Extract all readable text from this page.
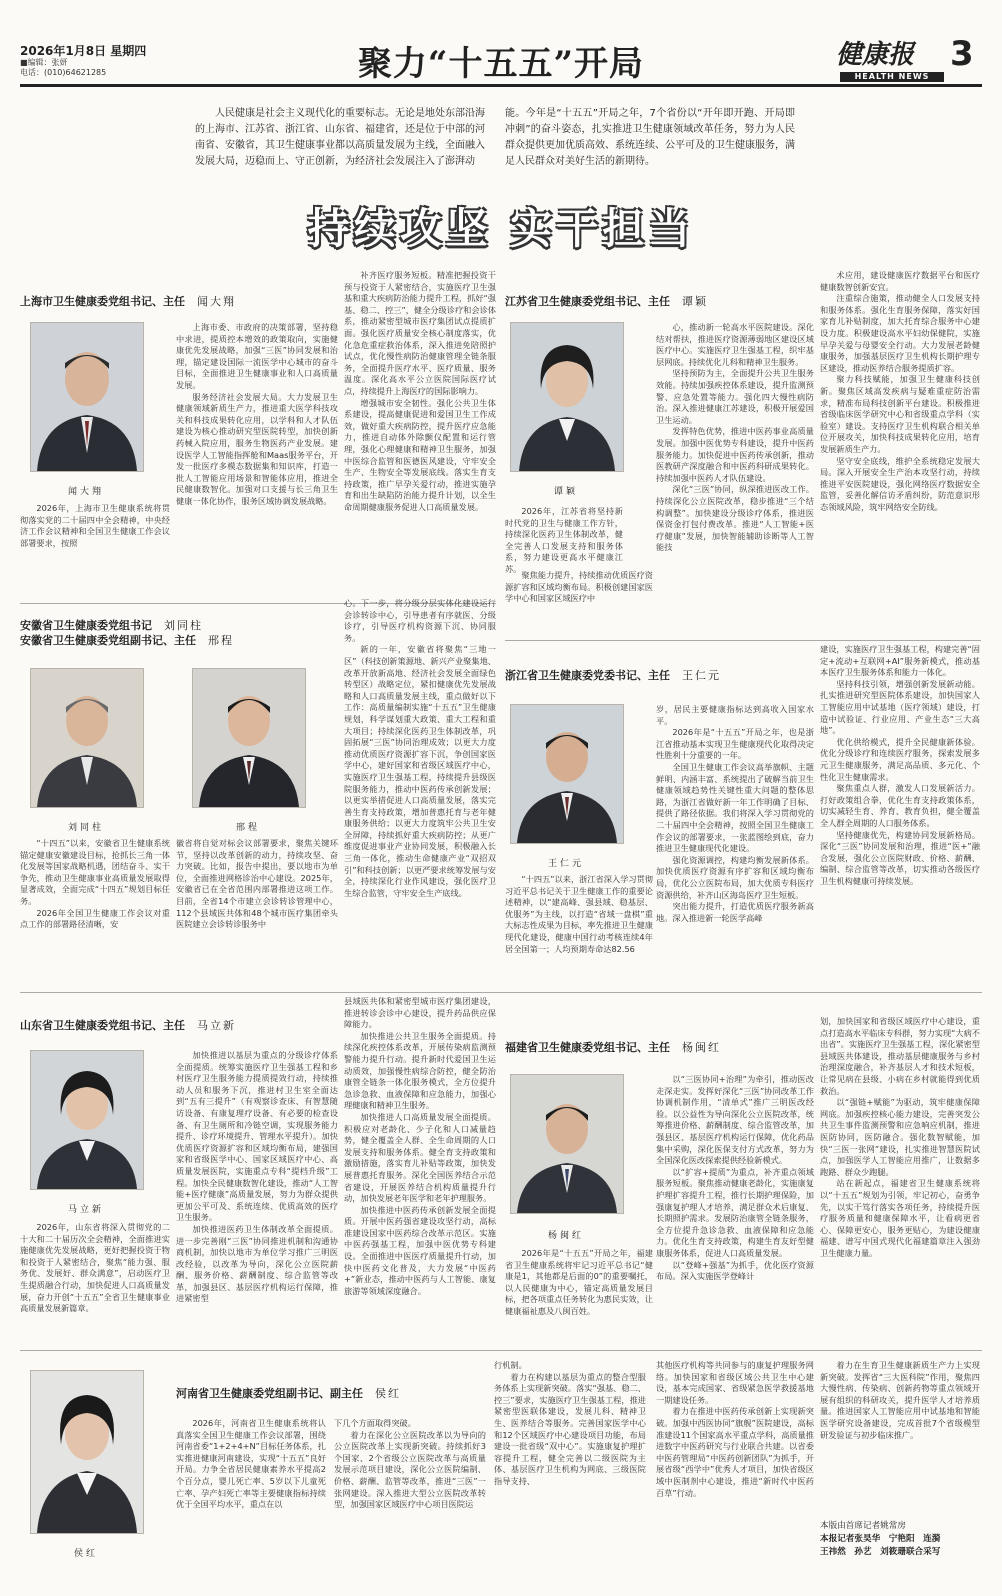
2026年1月8日 星期四
■编辑：张妍
电话：(010)64621285	聚力“十五五”开局	健康报
HEALTH NEWS
3
人民健康是社会主义现代化的重要标志。无论是地处东部沿海的上海市、江苏省、浙江省、山东省、福建省，还是位于中部的河南省、安徽省，其卫生健康事业都以高质量发展为主线，全面融入发展大局，迈稳而上、守正创新，为经济社会发展注入了澎湃动
能。今年是“十五五”开局之年，7个省份以“开年即开跑、开局即冲刺”的奋斗姿态，扎实推进卫生健康领域改革任务，努力为人民群众提供更加优质高效、系统连续、公平可及的卫生健康服务，满足人民群众对美好生活的新期待。
持续攻坚 实干担当
上海市卫生健康委党组书记、主任 闻大翔
闻大翔

2026年，上海市卫生健康系统将贯彻落实党的二十届四中全会精神，中央经济工作会议精神和全国卫生健康工作会议部署要求，按照

上海市委、市政府的决策部署，坚持稳中求进，提质控本增效的政策取向，实施健康优先发展战略，加强“三医”协同发展和治理，锚定建设国际一流医学中心城市的奋斗目标，全面推进卫生健康事业和人口高质量发展。

服务经济社会发展大局。大力发展卫生健康领域新质生产力，推进重大医学科技攻关和科技成果转化应用，以学科和人才队伍建设为核心推动研究型医院转型，加快创新药械入院应用，服务生物医药产业发展。建设医学人工智能指挥舱和Maas服务平台，开发一批医疗多模态数据集和知识库，打造一批人工智能应用场景和智能体应用，推进全民健康数智化。加强对口支援与长三角卫生健康一体化协作，服务区域协调发展战略。

补齐医疗服务短板。精准把握投资干预与投资于人紧密结合，实施医疗卫生强基和重大疾病防治能力提升工程，抓好“强基、稳二、控三”，健全分级诊疗和会诊体系，推动紧密型城市医疗集团试点提质扩面。强化医疗质量安全核心制度落实，优化急危重症救治体系，深入推进免陪照护试点，优化慢性病防治健康管理全链条服务，全面提升医疗水平、医疗质量、服务温度。深化高水平公立医院国际医疗试点，持续提升上海医疗的国际影响力。

增强城市安全韧性。强化公共卫生体系建设，提高健康促进和爱国卫生工作成效，做好重大疾病防控，提升医疗应急能力，推进自动体外除颤仪配置和运行管理，强化心理健康和精神卫生服务，加强中医综合监管和医德医风建设，守牢安全生产、生物安全等发展底线。落实生育支持政策，推广早孕关爱行动，推进实施孕育和出生缺陷防治能力提升计划，以全生命周期健康服务促进人口高质量发展。

江苏省卫生健康委党组书记、主任 谭颖
谭颖

2026年，江苏省将坚持新时代党的卫生与健康工作方针，持续深化医药卫生体制改革，健全完善人口发展支持和服务体系，努力建设更高水平健康江苏。

聚焦能力提升，持续推动优质医疗资源扩容和区域均衡布局。积极创建国家医学中心和国家区域医疗中

心，推动新一轮高水平医院建设。深化结对帮扶，推进医疗资源薄弱地区建设区域医疗中心。实施医疗卫生强基工程，织牢基层网底。持续优化儿科和精神卫生服务。

坚持预防为主，全面提升公共卫生服务效能。持续加强疾控体系建设，提升监测预警、应急处置等能力。强化四大慢性病防治。深入推进健康江苏建设，积极开展爱国卫生运动。

发挥特色优势，推进中医药事业高质量发展。加强中医优势专科建设，提升中医药服务能力。加快促进中医药传承创新，推动医教研产深度融合和中医药科研成果转化。持续加强中医药人才队伍建设。

深化“三医”协同，纵深推进医改工作。持续深化公立医院改革，稳步推进“三个结构调整”。加快建设分级诊疗体系，推进医保资金打包付费改革。推进“人工智能+医疗健康”发展，加快智能辅助诊断等人工智能技

术应用，建设健康医疗数据平台和医疗健康数智创新安宜。

注重综合施策，推动健全人口发展支持和服务体系。强化生育服务保障，落实好国家育儿补贴制度，加大托育综合服务中心建设力度。积极建设高水平妇幼保健院，实施早孕关爱与母婴安全行动。大力发展老龄健康服务，加强基层医疗卫生机构长期护理专区建设，推动医养结合服务提质扩容。

聚力科技赋能，加强卫生健康科技创新。聚焦区域高发疾病与疑难重症防治需求，精准布局科技创新平台建设。积极推进省级临床医学研究中心和省级重点学科（实验室）建设。支持医疗卫生机构联合相关单位开展攻关，加快科技成果转化应用，培育发展新质生产力。

坚守安全底线，维护全系统稳定发展大局。深入开展安全生产治本攻坚行动，持续推进平安医院建设，强化网络医疗数据安全监管，妥善化解信访矛盾纠纷，防范意识形态领域风险，筑牢网络安全防线。

安徽省卫生健康委党组书记 刘同柱
安徽省卫生健康委党组副书记、主任 邢程
刘同柱	邢程

“十四五”以来，安徽省卫生健康系统锚定健康安徽建设目标，抢抓长三角一体化发展等国家战略机遇，团结奋斗、实干争先，推动卫生健康事业高质量发展取得显著成效，全面完成“十四五”规划目标任务。

2026年全国卫生健康工作会议对重点工作的部署路径清晰，安

徽省将自觉对标会议部署要求，聚焦关键环节，坚持以改革创新的动力，持续攻坚、奋力突破。比如，报告中提出，要以地市为单位，全面推进网格诊治中心建设。2025年，安徽省已在全省范围内部署推进这项工作。目前，全省14个市建立会诊转诊管理中心，112个县域医共体和48个城市医疗集团牵头医院建立会诊转诊服务中

心。下一步，将分级分层实体化建设运行会诊转诊中心，引导患者有序就医、分级诊疗，引导医疗机构资源下沉、协同服务。

新的一年，安徽省将聚焦“三地一区”（科技创新策源地、新兴产业聚集地、改革开放新高地、经济社会发展全面绿色转型区）战略定位，紧扣健康优先发展战略和人口高质量发展主线，重点做好以下工作：高质量编制实施“十五五”卫生健康规划，科学谋划重大政策、重大工程和重大项目；持续深化医药卫生体制改革，巩固拓展“三医”协同治理成效；以更大力度推动优质医疗资源扩容下沉，争创国家医学中心，建好国家和省级区域医疗中心，实施医疗卫生强基工程，持续提升县级医院服务能力，推动中医药传承创新发展；以更实举措促进人口高质量发展，落实完善生育支持政策，增加普惠托育与老年健康服务供给；以更大力度筑牢公共卫生安全屏障，持续抓好重大疾病防控；从更广维度促进事业产业协同发展，积极融入长三角一体化，推动生命健康产业“双招双引”和科技创新；以更严要求统筹发展与安全，持续深化行业作风建设，强化医疗卫生综合监管，守牢安全生产底线。

浙江省卫生健康委党委书记、主任 王仁元
王仁元

“十四五”以来，浙江省深入学习贯彻习近平总书记关于卫生健康工作的重要论述精神，以“建高峰、强县域、稳基层、优服务”为主线，以打造“省域一盘棋”重大标志性成果为目标，率先推进卫生健康现代化建设，健康中国行动考核连续4年居全国第一；人均预期寿命达82.56

岁，居民主要健康指标达到高收入国家水平。

2026年是“十五五”开局之年，也是浙江省推动基本实现卫生健康现代化取得决定性胜利十分重要的一年。

全国卫生健康工作会议高举旗帜、主题鲜明、内涵丰富、系统提出了破解当前卫生健康领域趋势性关键性重大问题的整体思路，为浙江省做好新一年工作明确了目标、提供了路径依据。我们将深入学习贯彻党的二十届四中全会精神，按照全国卫生健康工作会议的部署要求，一张蓝图绘到底，奋力推进卫生健康现代化建设。

强化资源调控，构建均衡发展新体系。加快优质医疗资源有序扩容和区域均衡布局，优化公立医院布局，加大优质专科医疗资源供给，补齐山区海岛医疗卫生短板。

突出能力提升，打造优质医疗服务新高地。深入推进新一轮医学高峰

建设，实施医疗卫生强基工程，构建完善“固定+流动+互联网+AI”服务新模式，推动基本医疗卫生服务体系和能力一体化。

坚持科技引领，增强创新发展新动能。扎实推进研究型医院体系建设，加快国家人工智能应用中试基地（医疗领域）建设，打造中试验证、行业应用、产业生态“三大高地”。

优化供给模式，提升全民健康新体验。优化分级诊疗和连续医疗服务，探索发展多元卫生健康服务，满足高品质、多元化、个性化卫生健康需求。

聚焦重点人群，激发人口发展新活力。打好政策组合拳，优化生育支持政策体系，切实减轻生育、养育、教育负担，健全覆盖全人群全周期的人口服务体系。

坚持健康优先，构建协同发展新格局。深化“三医”协同发展和治理，推进“医+”融合发展，强化公立医院财政、价格、薪酬、编制、综合监管等改革，切实推动各级医疗卫生机构健康可持续发展。

山东省卫生健康委党组书记、主任 马立新
马立新

2026年，山东省将深入贯彻党的二十大和二十届历次全会精神，全面推进实施健康优先发展战略，更好把握投资于物和投资于人紧密结合，聚焦“能力强、服务优、发展好、群众满意”，启动医疗卫生提质融合行动，加快促进人口高质量发展，奋力开创“十五五”全省卫生健康事业高质量发展新篇章。

加快推进以基层为重点的分级诊疗体系全面提质。统筹实施医疗卫生强基工程和乡村医疗卫生服务能力提质提效行动，持续推动人员和服务下沉，推进村卫生室全面达到“五有三提升”（有观察诊查床、有智慧随访设备、有康复理疗设备、有必要的检查设备、有卫生厕所和冷链空调，实现服务能力提升、诊疗环境提升、管理水平提升）。加快优质医疗资源扩容和区域均衡布局，建强国家和省级医学中心、国家区域医疗中心、高质量发展医院，实施重点专科“提档升级”工程。加快全民健康数智化建设，推动“人工智能+医疗健康”高质量发展，努力为群众提供更加公平可及、系统连续、优质高效的医疗卫生服务。

加快推进医药卫生体制改革全面提质。进一步完善刚“三医”协同推进机制和沟通协商机制，加快以地市为单位学习推广三明医改经验，以改革为导向，深化公立医院薪酬、服务价格、薪酬制度、综合监管等改革，加强县区、基层医疗机构运行保障，推进紧密型

县域医共体和紧密型城市医疗集团建设，推进转诊会诊中心建设，提升药品供应保障能力。

加快推进公共卫生服务全面提质。持续深化疾控体系改革，开展传染病监测预警能力提升行动。提升新时代爱国卫生运动质效，加强慢性病综合防控，健全防治康管全链条一体化服务模式，全方位提升急诊急救、血液保障和应急能力，加强心理健康和精神卫生服务。

加快推进人口高质量发展全面提质。积极应对老龄化、少子化和人口减量趋势，健全覆盖全人群、全生命周期的人口发展支持和服务体系。健全育支持政策和激励措施，落实育儿补贴等政策，加快发展普惠托育服务。深化全国医养结合示范省建设，开展医养结合机构质量提升行动，加快发展老年医学和老年护理服务。

加快推进中医药传承创新发展全面提质。开展中医药强省建设攻坚行动，高标准建设国家中医药综合改革示范区。实施中医药强基工程，加强中医优势专科建设。全面推进中医医疗质量提升行动，加快中医药文化普及，大力发展“中医药+”新业态，推动中医药与人工智能、康复旅游等领域深度融合。

福建省卫生健康委党组书记、主任 杨闽红
杨闽红

2026年是“十五五”开局之年，福建省卫生健康系统将牢记习近平总书记“健康是1，其他都是后面的0”的重要嘱托，以人民健康为中心，锚定高质量发展目标，把各项重点任务转化为惠民实效，让健康福祉惠及八闽百姓。

以“三医协同+治理”为牵引，推动医改走深走实。发挥好深化“三医”协同改革工作协调机制作用，“清单式”推广三明医改经验。以公益性为导向深化公立医院改革，统筹推进价格、薪酬制度、综合监管改革，加强县区、基层医疗机构运行保障，优化药品集中采购，深化医保支付方式改革，努力为全国深化医改探索提供经验新模式。

以“扩容+提质”为重点，补齐重点领域服务短板。聚焦推动健康老龄化，实施康复护理扩容提升工程，推行长期护理保险，加强康复护理人才培养，满足群众术后康复、长期照护需求。发展防治康管全链条服务，全方位提升急诊急救、血液保障和应急能力。优化生育支持政策，构建生育友好型健康服务体系，促进人口高质量发展。

以“登峰+强基”为抓手，优化医疗资源布局。深入实施医学登峰计

划，加快国家和省级区域医疗中心建设，重点打造高水平临床专科群，努力实现“大病不出省”。实施医疗卫生强基工程，深化紧密型县域医共体建设，推动基层健康服务与乡村治理深度融合，补齐基层人才和技术短板，让常见病在县级、小病在乡村就能得到优质救治。

以“强链+赋能”为驱动，筑牢健康保障网底。加强疾控核心能力建设，完善突发公共卫生事件监测预警和应急响应机制，推进医防协同，医防融合。强化数智赋能，加快“三医一张网”建设，扎实推进智慧医院试点，加强医学人工智能应用推广，让数据多跑路、群众少跑腿。

站在新起点，福建省卫生健康系统将以“十五五”规划为引领，牢记初心，奋勇争先，以实干笃行落实各项任务，持续提升医疗服务质量和健康保障水平，让看病更省心、保障更安心，服务更贴心，为建设健康福建、谱写中国式现代化福建篇章注入强劲卫生健康力量。

侯红
河南省卫生健康委党组副书记、副主任 侯红

2026年，河南省卫生健康系统将认真落实全国卫生健康工作会议部署，围绕河南省委“1+2+4+N”目标任务体系，扎实推进健康河南建设，实现“十五五”良好开局。力争全省居民健康素养水平提高2个百分点，婴儿死亡率、5岁以下儿童死亡率、孕产妇死亡率等主要健康指标持续优于全国平均水平，重点在以

下几个方面取得突破。

着力在深化公立医院改革以为导向的公立医院改革上实现新突破。持续抓好3个国家、2个省级公立医院改革与高质量发展示范项目建设，深化公立医院编制、价格、薪酬、监管等改革，推进“三医”一张网建设。深入推进大型公立医院改革转型，加强国家区域医疗中心项目医院运

行机制。

着力在构建以基层为重点的整合型服务体系上实现新突破。落实“强基、稳二、控三”要求，实施医疗卫生强基工程，推进紧密型医联体建设，发展儿科、精神卫生、医养结合等服务。完善国家医学中心和12个区域医疗中心建设项目功能，布局建设一批省级“双中心”。实施康复护理扩容提升工程，健全完善以二级医院为主体、基层医疗卫生机构为网底、三级医院指导支持、

其他医疗机构等共同参与的康复护理服务网络。加快国家和省级区域公共卫生中心建设，基本完成国家、省级紧急医学救援基地一期建设任务。

着力在推进中医药传承创新上实现新突破。加强中西医协同“旗舰”医院建设，高标准建设11个国家高水平重点学科，高质量推进数字中医药研究与行业联合共建。以省委中医药管理局“中医药创新团队”为抓手，开展省级“西学中”优秀人才项目，加快省级区域中医制剂中心建设，推进“新时代中医药百草”行动。

着力在生育卫生健康新质生产力上实现新突破。发挥省“三大医科院”作用，聚焦四大慢性病、传染病、创新药物等重点领域开展有组织的科研攻关，提升医学人才培养质量。推进国家人工智能应用中试基地和智能医学研究设备建设，完成首批7个省级模型研发验证与初步临床推广。

本版由首席记者姚常房
本报记者张昊华　宁艳阳　连漪
王祎然　孙艺　刘筱珊联合采写
